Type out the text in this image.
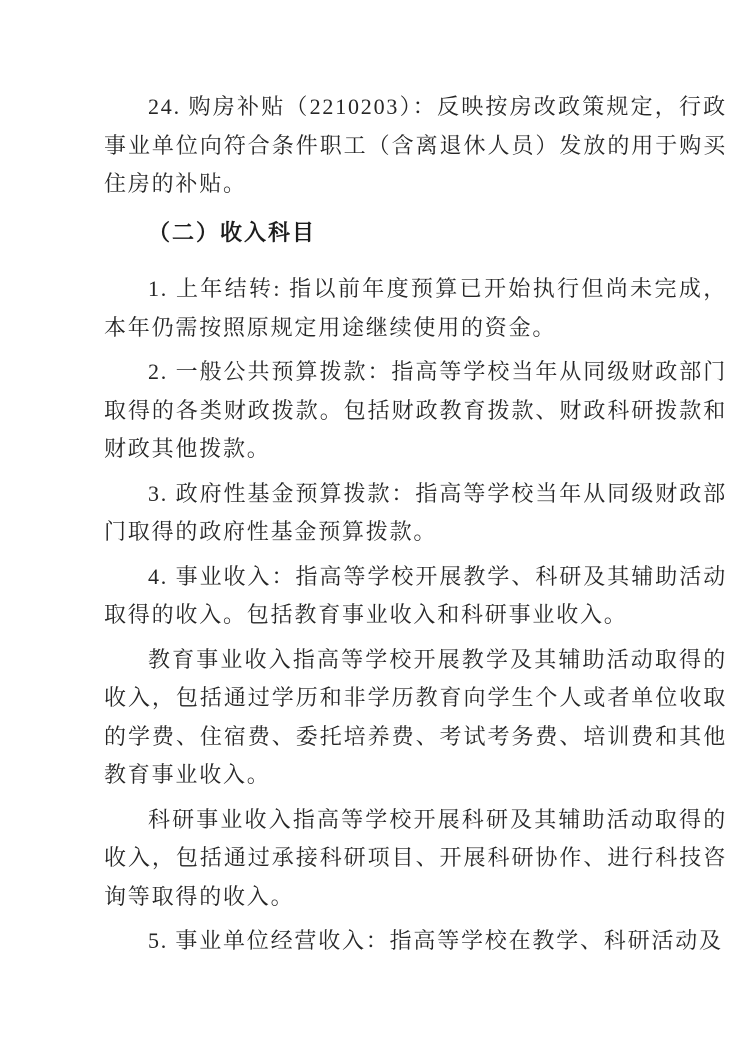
24. 购房补贴（2210203）：反映按房改政策规定，行政事业单位向符合条件职工（含离退休人员）发放的用于购买住房的补贴。

（二）收入科目

1. 上年结转: 指以前年度预算已开始执行但尚未完成，本年仍需按照原规定用途继续使用的资金。

2. 一般公共预算拨款：指高等学校当年从同级财政部门取得的各类财政拨款。包括财政教育拨款、财政科研拨款和财政其他拨款。

3. 政府性基金预算拨款：指高等学校当年从同级财政部门取得的政府性基金预算拨款。

4. 事业收入：指高等学校开展教学、科研及其辅助活动取得的收入。包括教育事业收入和科研事业收入。

教育事业收入指高等学校开展教学及其辅助活动取得的收入，包括通过学历和非学历教育向学生个人或者单位收取的学费、住宿费、委托培养费、考试考务费、培训费和其他教育事业收入。

科研事业收入指高等学校开展科研及其辅助活动取得的收入，包括通过承接科研项目、开展科研协作、进行科技咨询等取得的收入。

5. 事业单位经营收入：指高等学校在教学、科研活动及
